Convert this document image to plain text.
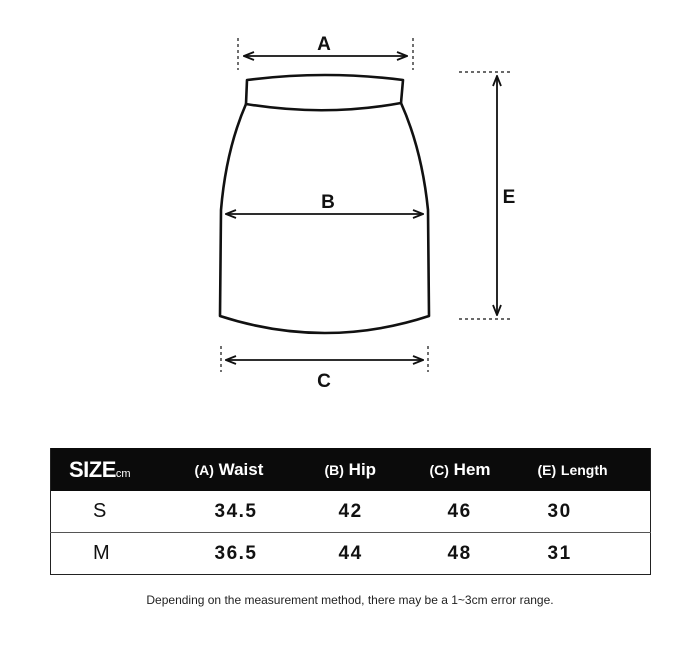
A
B
C
E
SIZEcm	(A) Waist	(B) Hip	(C) Hem	(E) Length
S	34.5	42	46	30
M	36.5	44	48	31
Depending on the measurement method, there may be a 1~3cm error range.
